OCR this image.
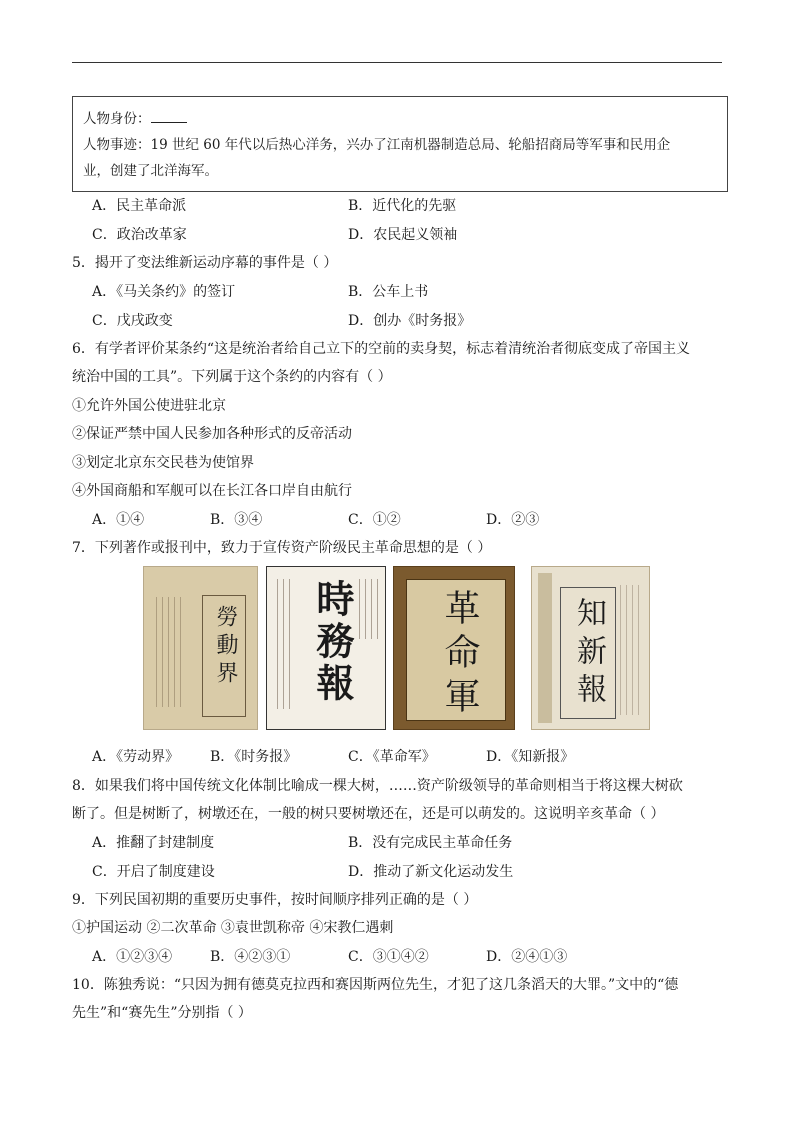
人物身份：
人物事迹：19 世纪 60 年代以后热心洋务，兴办了江南机器制造总局、轮船招商局等军事和民用企
业，创建了北洋海军。
A．民主革命派	B．近代化的先驱
C．政治改革家	D．农民起义领袖
5．揭开了变法维新运动序幕的事件是（ ）
A．《马关条约》的签订	B．公车上书
C．戊戌政变	D．创办《时务报》
6．有学者评价某条约“这是统治者给自己立下的空前的卖身契，标志着清统治者彻底变成了帝国主义
统治中国的工具”。下列属于这个条约的内容有（ ）
①允许外国公使进驻北京
②保证严禁中国人民参加各种形式的反帝活动
③划定北京东交民巷为使馆界
④外国商船和军舰可以在长江各口岸自由航行
A．①④	B．③④	C．①②	D．②③
7．下列著作或报刊中，致力于宣传资产阶级民主革命思想的是（ ）
勞動界 時務報 革命軍	知新報
A．《劳动界》 B．《时务报》	C．《革命军》	D．《知新报》
8．如果我们将中国传统文化体制比喻成一棵大树，……资产阶级领导的革命则相当于将这棵大树砍
断了。但是树断了，树墩还在，一般的树只要树墩还在，还是可以萌发的。这说明辛亥革命（ ）
A．推翻了封建制度	B．没有完成民主革命任务
C．开启了制度建设	D．推动了新文化运动发生
9．下列民国初期的重要历史事件，按时间顺序排列正确的是（ ）
①护国运动 ②二次革命 ③袁世凯称帝 ④宋教仁遇刺
A．①②③④	B．④②③①	C．③①④②	D．②④①③
10．陈独秀说：“只因为拥有德莫克拉西和赛因斯两位先生，才犯了这几条滔天的大罪。”文中的“德
先生”和“赛先生”分别指（ ）
